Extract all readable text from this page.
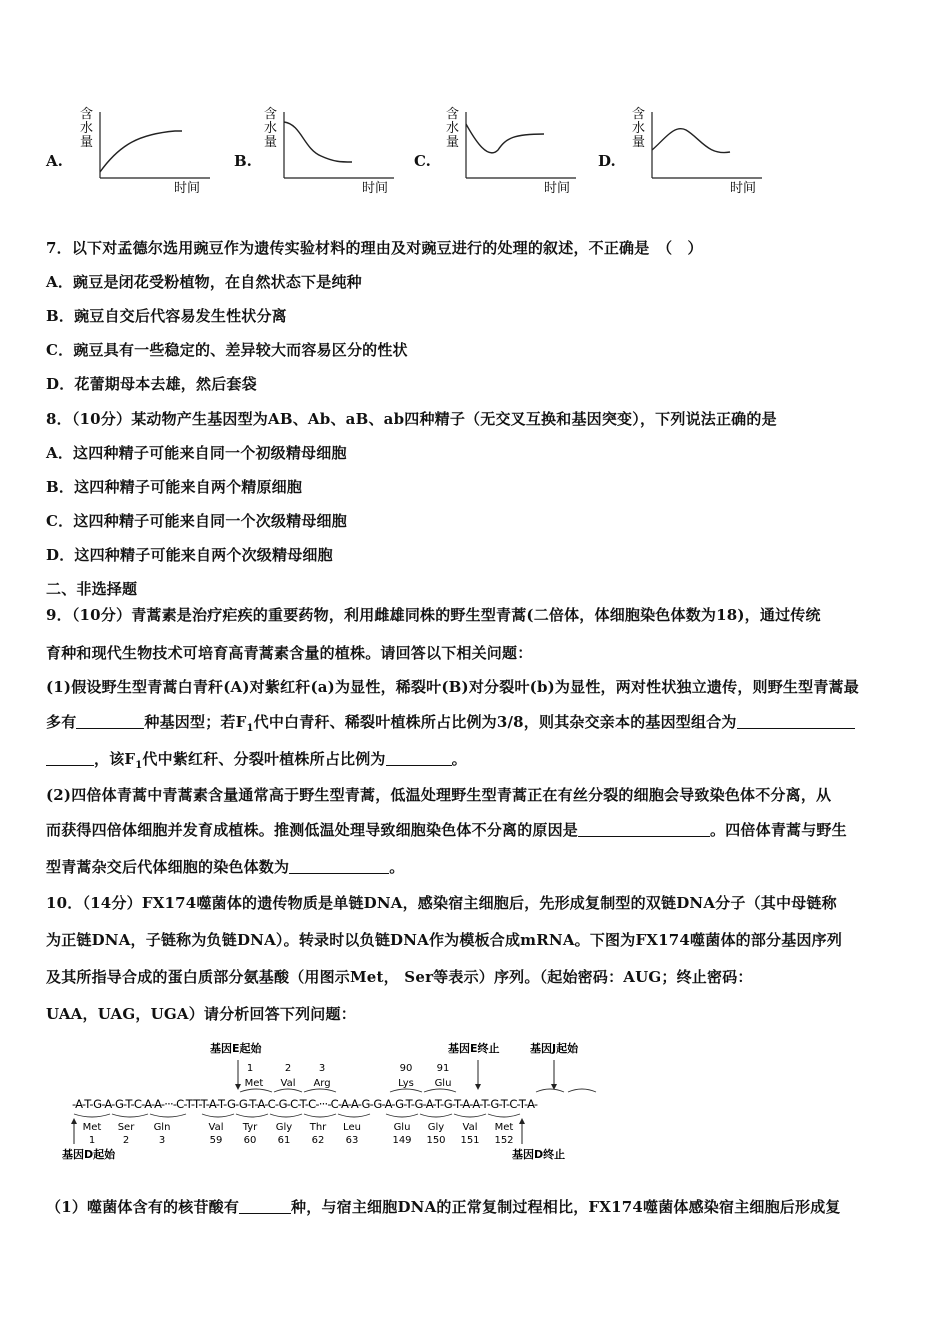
A.	B.	C.	D.
含
水
量
时间
含
水
量
时间
含
水
量
时间
含
水
量
时间
7．以下对孟德尔选用豌豆作为遗传实验材料的理由及对豌豆进行的处理的叙述，不正确是　（　）
A．豌豆是闭花受粉植物，在自然状态下是纯种
B．豌豆自交后代容易发生性状分离
C．豌豆具有一些稳定的、差异较大而容易区分的性状
D．花蕾期母本去雄，然后套袋
8．（10分）某动物产生基因型为AB、Ab、aB、ab四种精子（无交叉互换和基因突变），下列说法正确的是
A．这四种精子可能来自同一个初级精母细胞
B．这四种精子可能来自两个精原细胞
C．这四种精子可能来自同一个次级精母细胞
D．这四种精子可能来自两个次级精母细胞
二、非选择题
9．（10分）青蒿素是治疗疟疾的重要药物，利用雌雄同株的野生型青蒿(二倍体，体细胞染色体数为18)，通过传统
育种和现代生物技术可培育高青蒿素含量的植株。请回答以下相关问题：
(1)假设野生型青蒿白青秆(A)对紫红秆(a)为显性，稀裂叶(B)对分裂叶(b)为显性，两对性状独立遗传，则野生型青蒿最
多有	种基因型；若$F_1$代中白青秆、稀裂叶植株所占比例为3/8，则其杂交亲本的基因型组合为
，该$F_1$代中紫红秆、分裂叶植株所占比例为	。
(2)四倍体青蒿中青蒿素含量通常高于野生型青蒿，低温处理野生型青蒿正在有丝分裂的细胞会导致染色体不分离，从
而获得四倍体细胞并发育成植株。推测低温处理导致细胞染色体不分离的原因是	。四倍体青蒿与野生
型青蒿杂交后代体细胞的染色体数为	。
10．（14分）FX174噬菌体的遗传物质是单链DNA，感染宿主细胞后，先形成复制型的双链DNA分子（其中母链称
为正链DNA，子链称为负链DNA）。转录时以负链DNA作为模板合成mRNA。下图为FX174噬菌体的部分基因序列
及其所指导合成的蛋白质部分氨基酸（用图示Met， Ser等表示）序列。（起始密码：AUG；终止密码：
UAA，UAG，UGA）请分析回答下列问题：
基因E起始	基因E终止	基因J起始
1
Met
2
Val
3
Arg
90
Lys
91
Glu
-A-T-G-A-G-T-C-A-A-···-C-T-T-T-A-T-G-G-T-A-C-G-C-T-C-···-C-A-A-G-G-A-G-T-G-A-T-G-T-A-A-T-G-T-C-T-A-
Met
1
Ser
2
Gln
3
Val
59
Tyr
60
Gly
61
Thr
62
Leu
63
Glu
149
Gly
150
Val
151
Met
152
基因D起始	基因D终止
（1）噬菌体含有的核苷酸有	种，与宿主细胞DNA的正常复制过程相比，FX174噬菌体感染宿主细胞后形成复
